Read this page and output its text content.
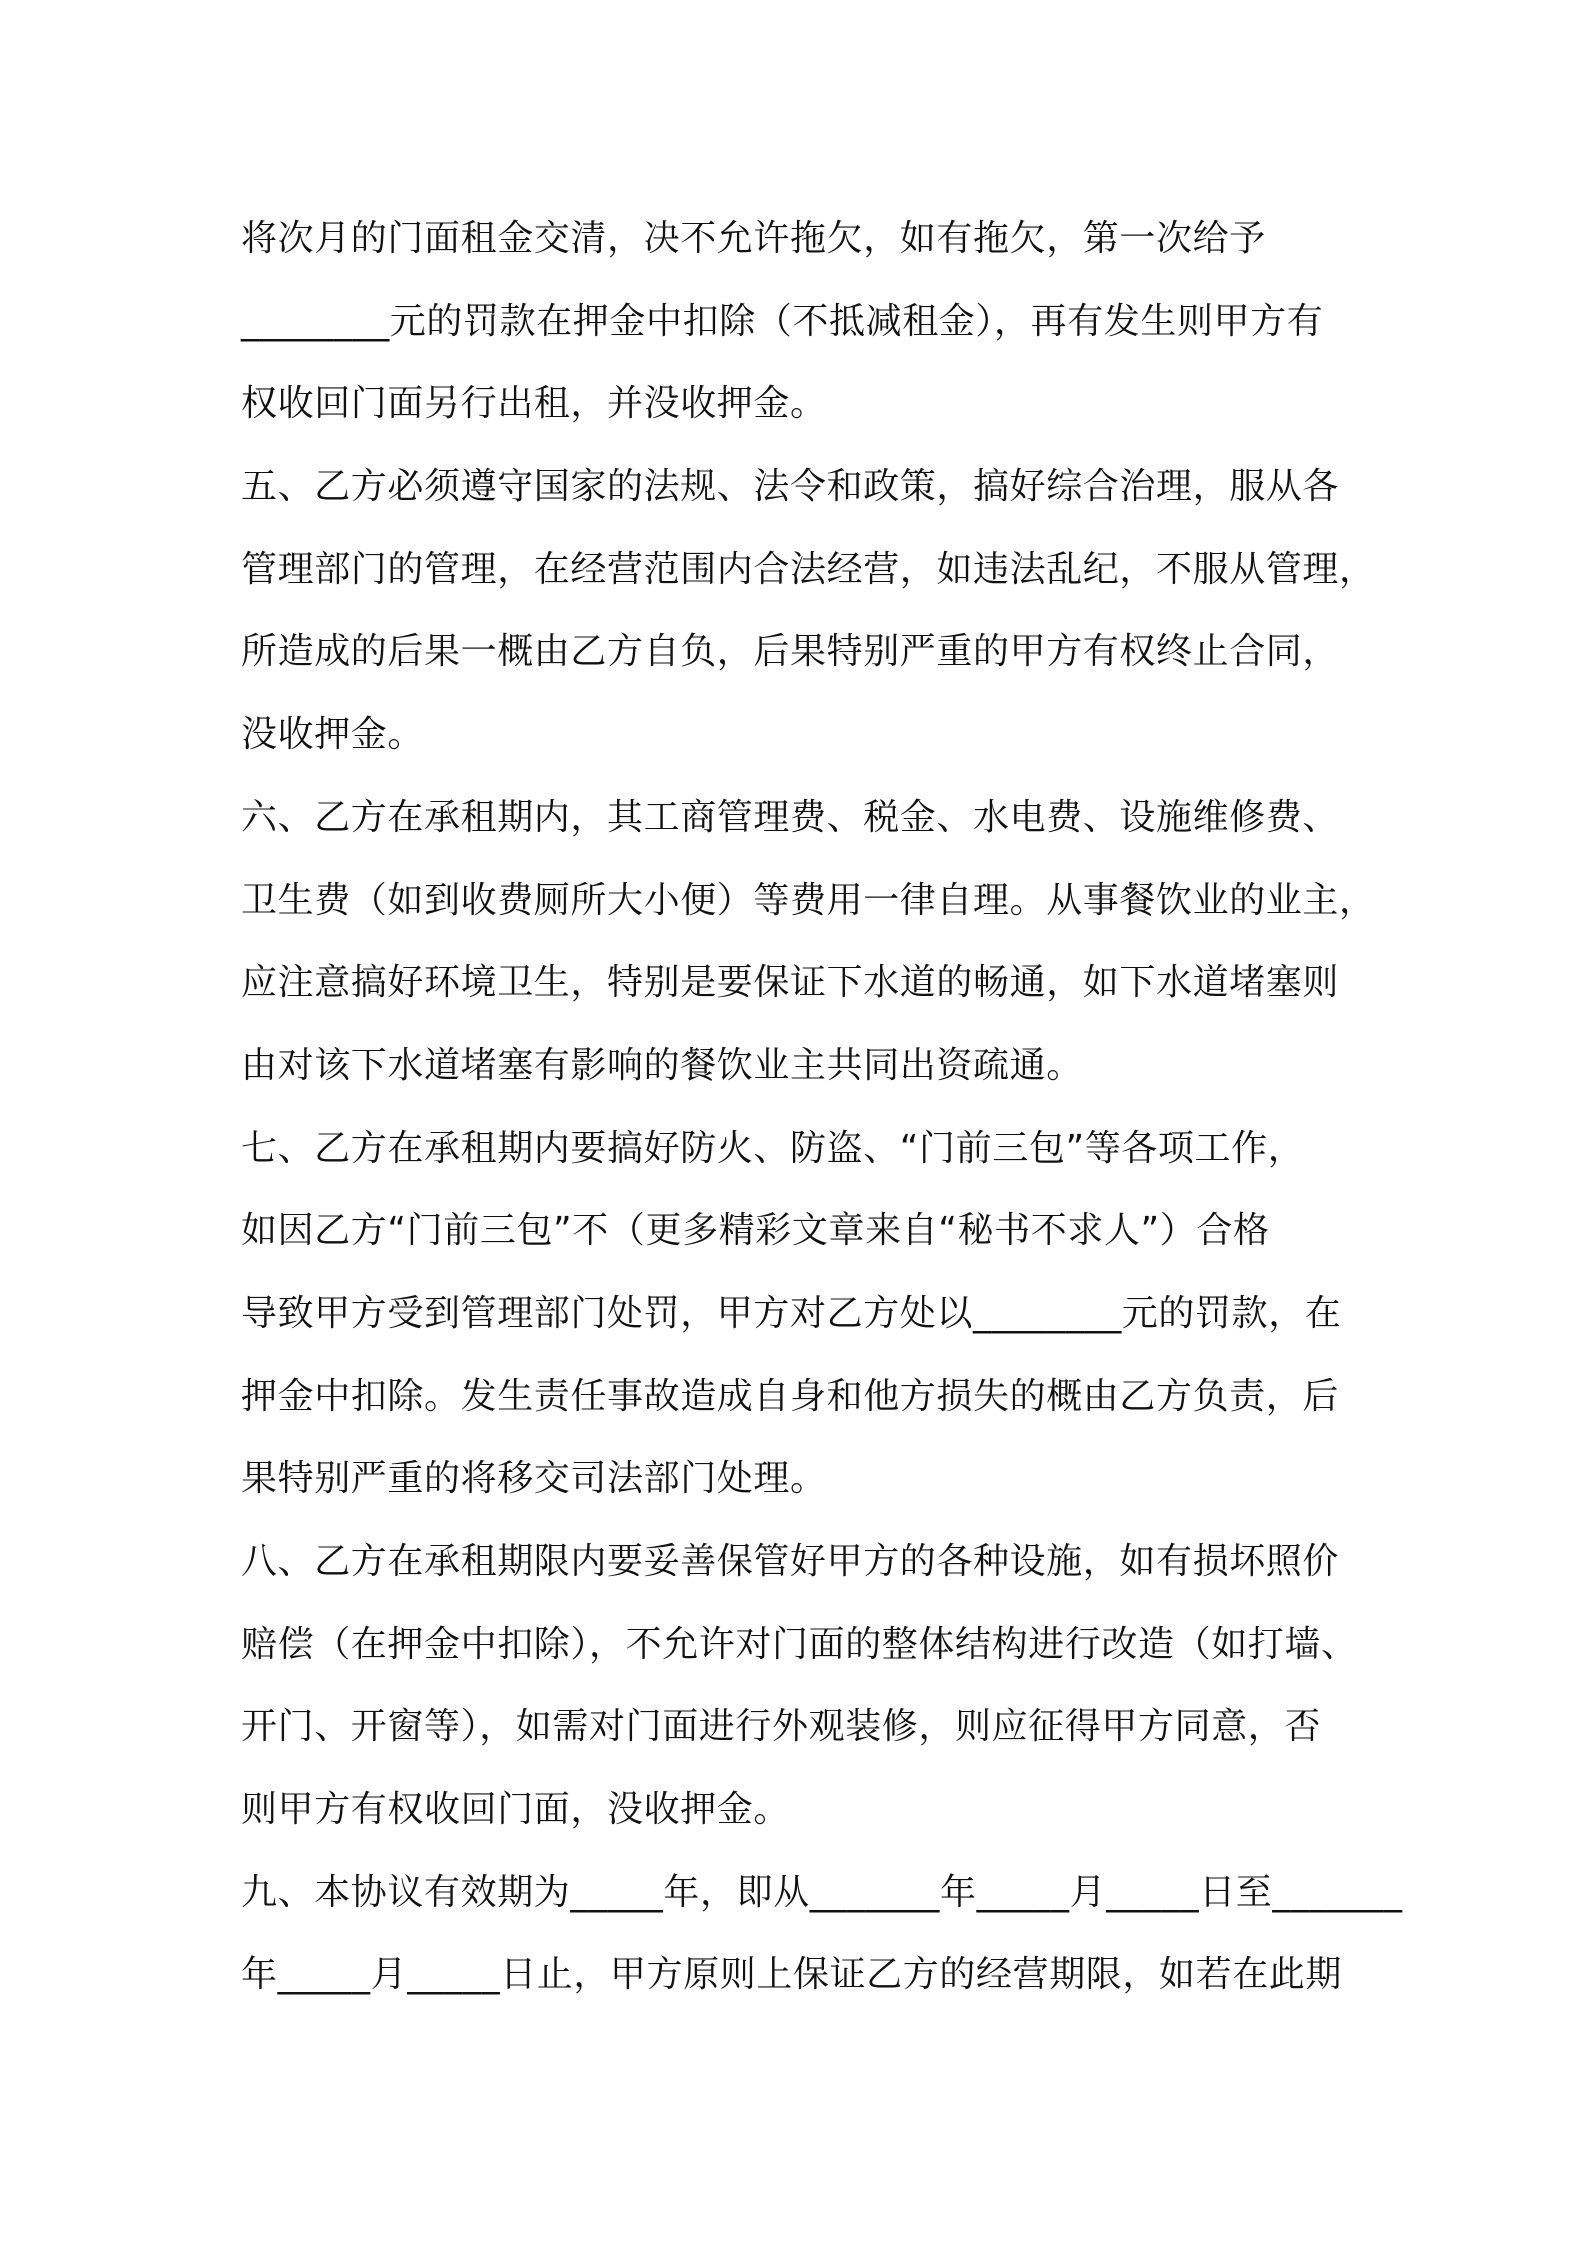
将次月的门面租金交清，决不允许拖欠，如有拖欠，第一次给予
________元的罚款在押金中扣除（不抵减租金），再有发生则甲方有
权收回门面另行出租，并没收押金。
五、乙方必须遵守国家的法规、法令和政策，搞好综合治理，服从各
管理部门的管理，在经营范围内合法经营，如违法乱纪，不服从管理，
所造成的后果一概由乙方自负，后果特别严重的甲方有权终止合同，
没收押金。
六、乙方在承租期内，其工商管理费、税金、水电费、设施维修费、
卫生费（如到收费厕所大小便）等费用一律自理。从事餐饮业的业主，
应注意搞好环境卫生，特别是要保证下水道的畅通，如下水道堵塞则
由对该下水道堵塞有影响的餐饮业主共同出资疏通。
七、乙方在承租期内要搞好防火、防盗、“门前三包”等各项工作，
如因乙方“门前三包”不（更多精彩文章来自“秘书不求人”）合格
导致甲方受到管理部门处罚，甲方对乙方处以________元的罚款，在
押金中扣除。发生责任事故造成自身和他方损失的概由乙方负责，后
果特别严重的将移交司法部门处理。
八、乙方在承租期限内要妥善保管好甲方的各种设施，如有损坏照价
赔偿（在押金中扣除），不允许对门面的整体结构进行改造（如打墙、
开门、开窗等），如需对门面进行外观装修，则应征得甲方同意，否
则甲方有权收回门面，没收押金。
九、本协议有效期为_____年，即从_______年_____月_____日至_______
年_____月_____日止，甲方原则上保证乙方的经营期限，如若在此期
